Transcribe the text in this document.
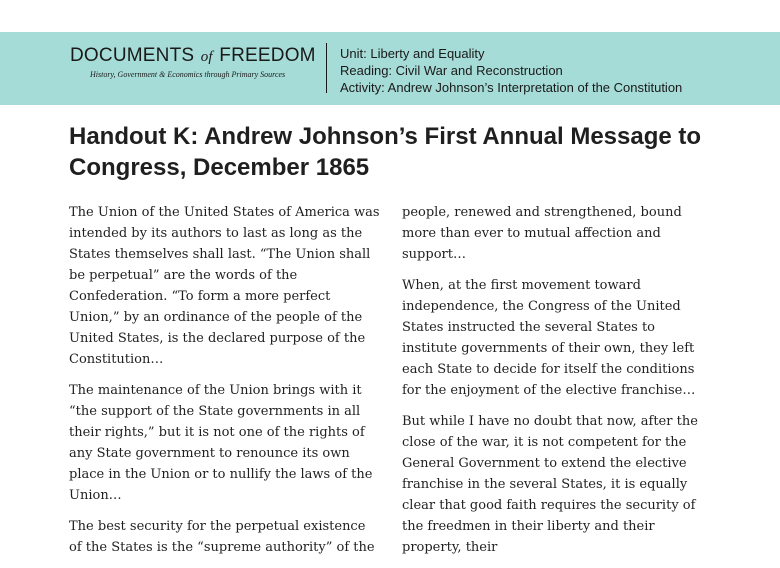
DOCUMENTS of FREEDOM
History, Government & Economics through Primary Sources
Unit: Liberty and Equality
Reading: Civil War and Reconstruction
Activity: Andrew Johnson’s Interpretation of the Constitution
Handout K: Andrew Johnson’s First Annual Message to Congress, December 1865

The Union of the United States of America was intended by its authors to last as long as the States themselves shall last. “The Union shall be perpetual” are the words of the Confederation. “To form a more perfect Union,” by an ordinance of the people of the United States, is the declared purpose of the Constitution…

The maintenance of the Union brings with it “the support of the State governments in all their rights,” but it is not one of the rights of any State government to renounce its own place in the Union or to nullify the laws of the Union…

The best security for the perpetual existence of the States is the “supreme authority” of the

people, renewed and strengthened, bound more than ever to mutual affection and support…

When, at the first movement toward independence, the Congress of the United States instructed the several States to institute governments of their own, they left each State to decide for itself the conditions for the enjoyment of the elective franchise…

But while I have no doubt that now, after the close of the war, it is not competent for the General Government to extend the elective franchise in the several States, it is equally clear that good faith requires the security of the freedmen in their liberty and their property, their
